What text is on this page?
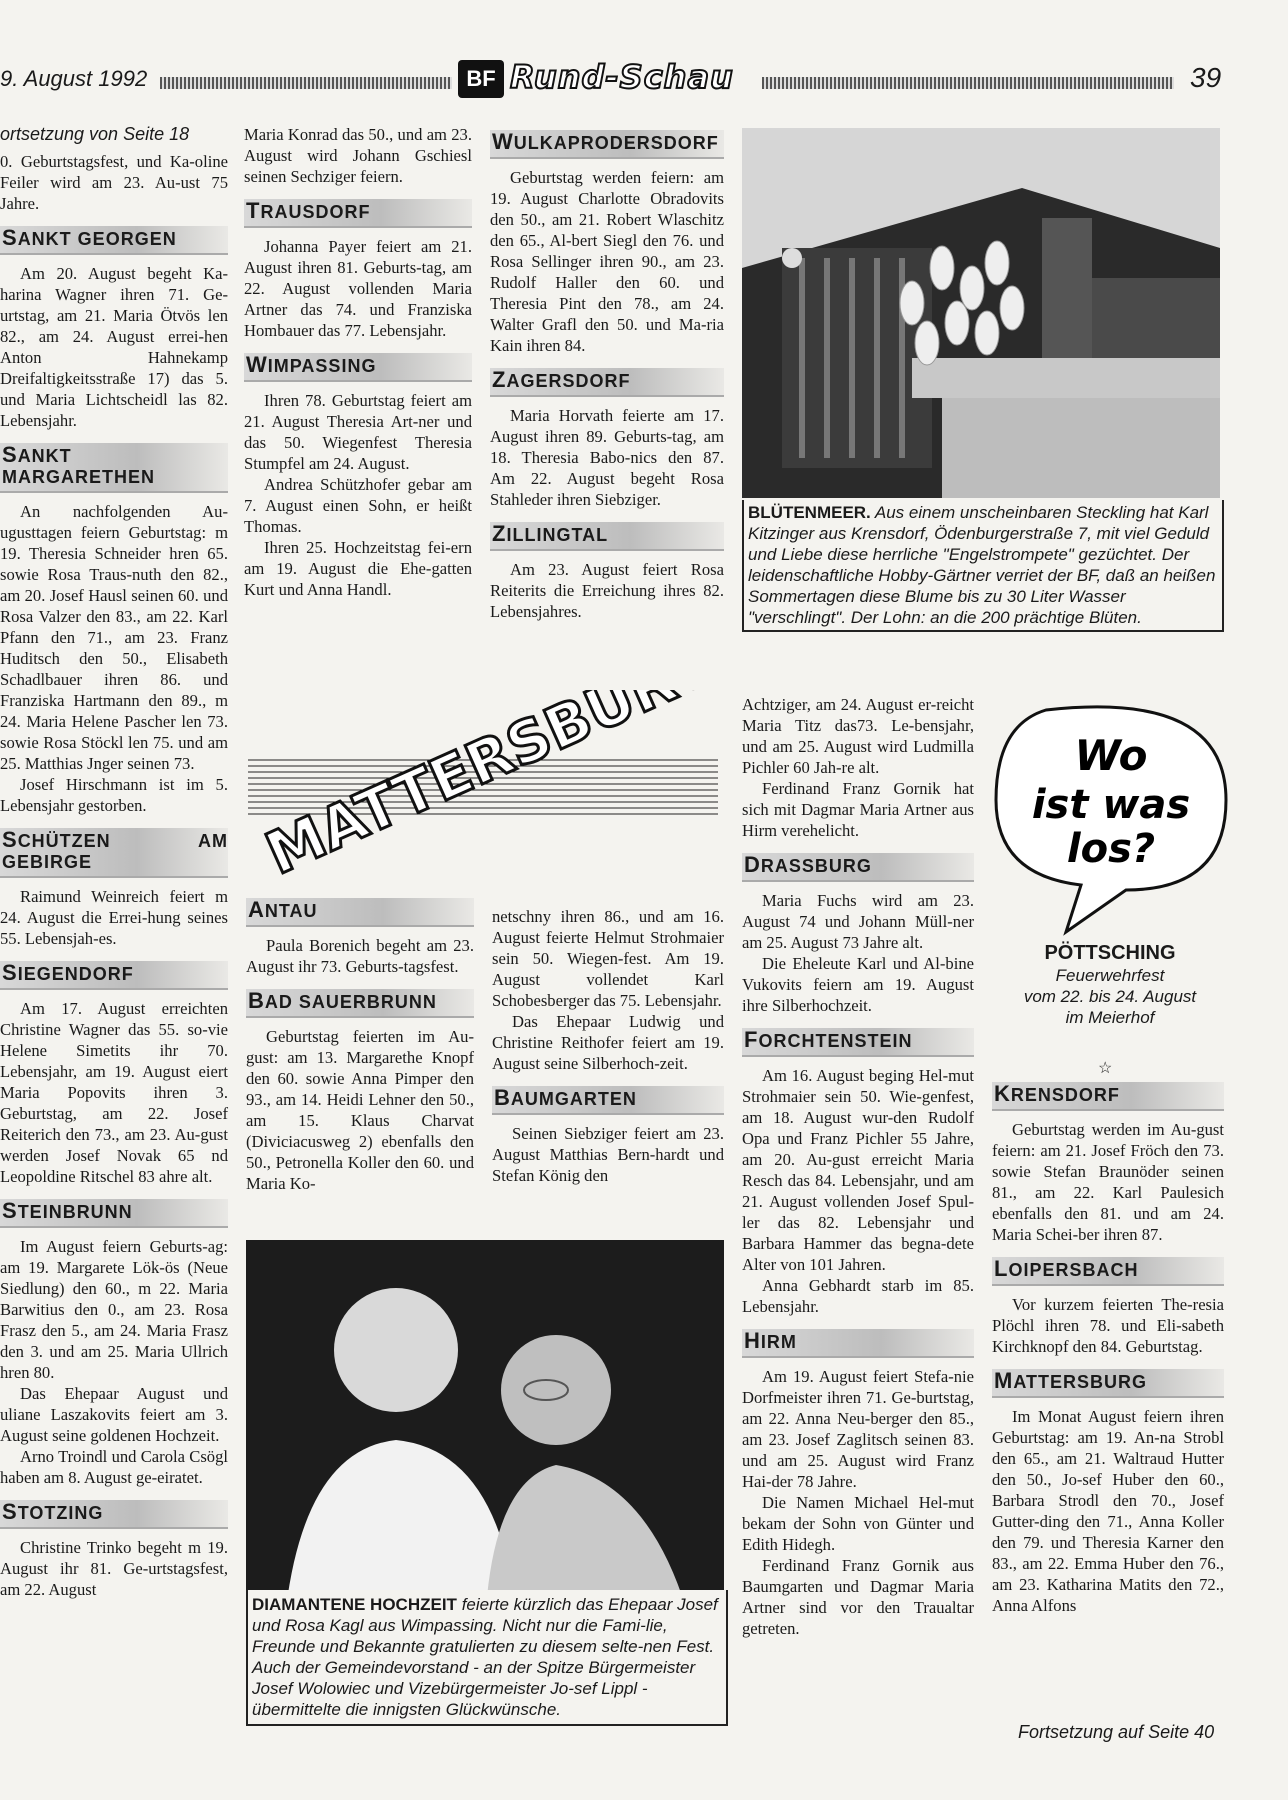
9. August 1992	BF Rund-Schau	39

ortsetzung von Seite 18

0. Geburtstagsfest, und Ka-oline Feiler wird am 23. Au-ust 75 Jahre.

SANKT GEORGEN

Am 20. August begeht Ka-harina Wagner ihren 71. Ge-urtstag, am 21. Maria Ötvös len 82., am 24. August errei-hen Anton Hahnekamp Dreifaltigkeitsstraße 17) das 5. und Maria Lichtscheidl las 82. Lebensjahr.

SANKT MARGARETHEN

An nachfolgenden Au-ugusttagen feiern Geburtstag: m 19. Theresia Schneider hren 65. sowie Rosa Traus-nuth den 82., am 20. Josef Hausl seinen 60. und Rosa Valzer den 83., am 22. Karl Pfann den 71., am 23. Franz Huditsch den 50., Elisabeth Schadlbauer ihren 86. und Franziska Hartmann den 89., m 24. Maria Helene Pascher len 73. sowie Rosa Stöckl len 75. und am 25. Matthias Jnger seinen 73.

Josef Hirschmann ist im 5. Lebensjahr gestorben.

SCHÜTZEN AM GEBIRGE

Raimund Weinreich feiert m 24. August die Errei-hung seines 55. Lebensjah-es.

SIEGENDORF

Am 17. August erreichten Christine Wagner das 55. so-vie Helene Simetits ihr 70. Lebensjahr, am 19. August eiert Maria Popovits ihren 3. Geburtstag, am 22. Josef Reiterich den 73., am 23. Au-gust werden Josef Novak 65 nd Leopoldine Ritschel 83 ahre alt.

STEINBRUNN

Im August feiern Geburts-ag: am 19. Margarete Lök-ös (Neue Siedlung) den 60., m 22. Maria Barwitius den 0., am 23. Rosa Frasz den 5., am 24. Maria Frasz den 3. und am 25. Maria Ullrich hren 80.

Das Ehepaar August und uliane Laszakovits feiert am 3. August seine goldenen Hochzeit.

Arno Troindl und Carola Csögl haben am 8. August ge-eiratet.

STOTZING

Christine Trinko begeht m 19. August ihr 81. Ge-urtstagsfest, am 22. August

Maria Konrad das 50., und am 23. August wird Johann Gschiesl seinen Sechziger feiern.

TRAUSDORF

Johanna Payer feiert am 21. August ihren 81. Geburts-tag, am 22. August vollenden Maria Artner das 74. und Franziska Hombauer das 77. Lebensjahr.

WIMPASSING

Ihren 78. Geburtstag feiert am 21. August Theresia Art-ner und das 50. Wiegenfest Theresia Stumpfel am 24. August.

Andrea Schützhofer gebar am 7. August einen Sohn, er heißt Thomas.

Ihren 25. Hochzeitstag fei-ern am 19. August die Ehe-gatten Kurt und Anna Handl.

WULKAPRODERSDORF

Geburtstag werden feiern: am 19. August Charlotte Obradovits den 50., am 21. Robert Wlaschitz den 65., Al-bert Siegl den 76. und Rosa Sellinger ihren 90., am 23. Rudolf Haller den 60. und Theresia Pint den 78., am 24. Walter Grafl den 50. und Ma-ria Kain ihren 84.

ZAGERSDORF

Maria Horvath feierte am 17. August ihren 89. Geburts-tag, am 18. Theresia Babo-nics den 87. Am 22. August begeht Rosa Stahleder ihren Siebziger.

ZILLINGTAL

Am 23. August feiert Rosa Reiterits die Erreichung ihres 82. Lebensjahres.

BLÜTENMEER. Aus einem unscheinbaren Steckling hat Karl Kitzinger aus Krensdorf, Ödenburgerstraße 7, mit viel Geduld und Liebe diese herrliche "Engelstrompete" gezüchtet. Der leidenschaftliche Hobby-Gärtner verriet der BF, daß an heißen Sommertagen diese Blume bis zu 30 Liter Wasser "verschlingt". Der Lohn: an die 200 prächtige Blüten.
MATTERSBURG
ANTAU

Paula Borenich begeht am 23. August ihr 73. Geburts-tagsfest.

BAD SAUERBRUNN

Geburtstag feierten im Au-gust: am 13. Margarethe Knopf den 60. sowie Anna Pimper den 93., am 14. Heidi Lehner den 50., am 15. Klaus Charvat (Diviciacusweg 2) ebenfalls den 50., Petronella Koller den 60. und Maria Ko-

netschny ihren 86., und am 16. August feierte Helmut Strohmaier sein 50. Wiegen-fest. Am 19. August vollendet Karl Schobesberger das 75. Lebensjahr.

Das Ehepaar Ludwig und Christine Reithofer feiert am 19. August seine Silberhoch-zeit.

BAUMGARTEN

Seinen Siebziger feiert am 23. August Matthias Bern-hardt und Stefan König den

DIAMANTENE HOCHZEIT feierte kürzlich das Ehepaar Josef und Rosa Kagl aus Wimpassing. Nicht nur die Fami-lie, Freunde und Bekannte gratulierten zu diesem selte-nen Fest. Auch der Gemeindevorstand - an der Spitze Bürgermeister Josef Wolowiec und Vizebürgermeister Jo-sef Lippl - übermittelte die innigsten Glückwünsche.

Achtziger, am 24. August er-reicht Maria Titz das73. Le-bensjahr, und am 25. August wird Ludmilla Pichler 60 Jah-re alt.

Ferdinand Franz Gornik hat sich mit Dagmar Maria Artner aus Hirm verehelicht.

DRASSBURG

Maria Fuchs wird am 23. August 74 und Johann Müll-ner am 25. August 73 Jahre alt.

Die Eheleute Karl und Al-bine Vukovits feiern am 19. August ihre Silberhochzeit.

FORCHTENSTEIN

Am 16. August beging Hel-mut Strohmaier sein 50. Wie-genfest, am 18. August wur-den Rudolf Opa und Franz Pichler 55 Jahre, am 20. Au-gust erreicht Maria Resch das 84. Lebensjahr, und am 21. August vollenden Josef Spul-ler das 82. Lebensjahr und Barbara Hammer das begna-dete Alter von 101 Jahren.

Anna Gebhardt starb im 85. Lebensjahr.

HIRM

Am 19. August feiert Stefa-nie Dorfmeister ihren 71. Ge-burtstag, am 22. Anna Neu-berger den 85., am 23. Josef Zaglitsch seinen 83. und am 25. August wird Franz Hai-der 78 Jahre.

Die Namen Michael Hel-mut bekam der Sohn von Günter und Edith Hidegh.

Ferdinand Franz Gornik aus Baumgarten und Dagmar Maria Artner sind vor den Traualtar getreten.

Wo
ist was
los?
PÖTTSCHING
Feuerwehrfest
vom 22. bis 24. August
im Meierhof
☆
KRENSDORF

Geburtstag werden im Au-gust feiern: am 21. Josef Fröch den 73. sowie Stefan Braunöder seinen 81., am 22. Karl Paulesich ebenfalls den 81. und am 24. Maria Schei-ber ihren 87.

LOIPERSBACH

Vor kurzem feierten The-resia Plöchl ihren 78. und Eli-sabeth Kirchknopf den 84. Geburtstag.

MATTERSBURG

Im Monat August feiern ihren Geburtstag: am 19. An-na Strobl den 65., am 21. Waltraud Hutter den 50., Jo-sef Huber den 60., Barbara Strodl den 70., Josef Gutter-ding den 71., Anna Koller den 79. und Theresia Karner den 83., am 22. Emma Huber den 76., am 23. Katharina Matits den 72., Anna Alfons

Fortsetzung auf Seite 40
